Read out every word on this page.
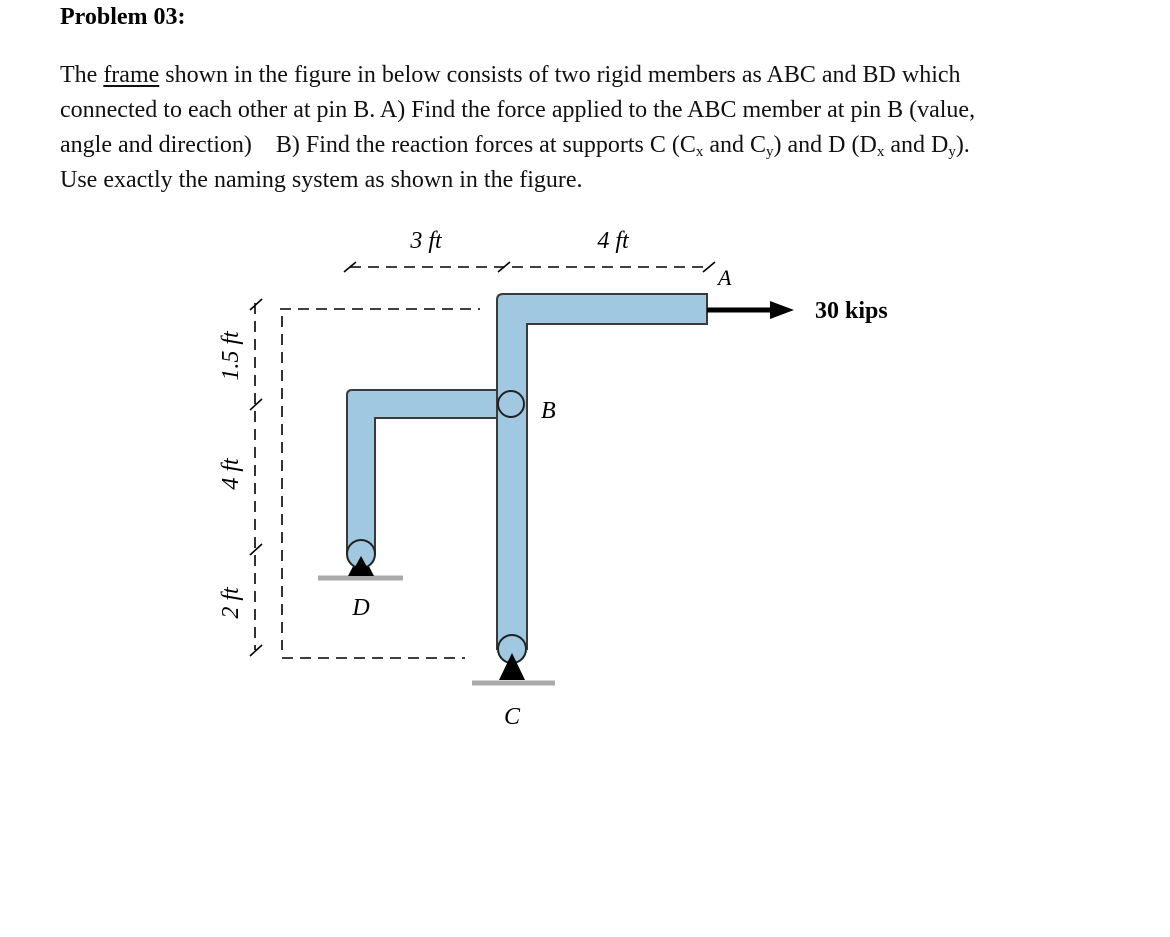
Problem 03:
The frame shown in the figure in below consists of two rigid members as ABC and BD which
connected to each other at pin B. A) Find the force applied to the ABC member at pin B (value,
angle and direction)    B) Find the reaction forces at supports C ($C_x$ and $C_y$) and D ($D_x$ and $D_y$).
Use exactly the naming system as shown in the figure.
3 ft	4 ft
A
1.5 ft
4 ft
2 ft
B
D
C
30 kips
